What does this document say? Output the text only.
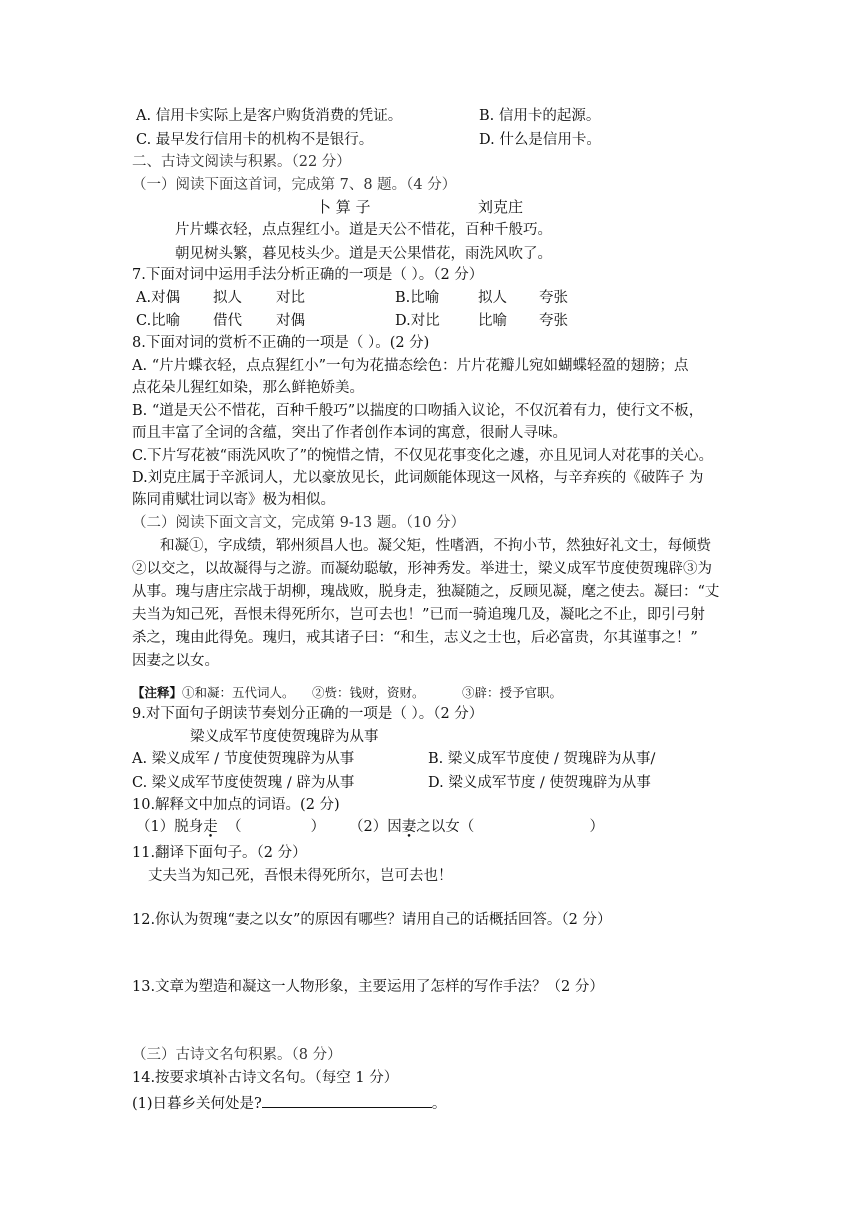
A. 信用卡实际上是客户购货消费的凭证。	B. 信用卡的起源。
C. 最早发行信用卡的机构不是银行。	D. 什么是信用卡。
二、古诗文阅读与积累。（22 分）
（一）阅读下面这首词，完成第 7、8 题。（4 分）
卜 算 子	刘克庄
片片蝶衣轻，点点猩红小。道是天公不惜花，百种千般巧。
朝见树头繁，暮见枝头少。道是天公果惜花，雨洗风吹了。
7.下面对词中运用手法分析正确的一项是（ ）。（2 分）
A.对偶 拟人 对比	B.比喻	拟人 夸张
C.比喻 借代 对偶	D.对比	比喻 夸张
8.下面对词的赏析不正确的一项是（ ）。(2 分)
A. “片片蝶衣轻，点点猩红小”一句为花描态绘色：片片花瓣儿宛如蝴蝶轻盈的翅膀；点
点花朵儿猩红如染，那么鲜艳娇美。
B. “道是天公不惜花，百种千般巧”以揣度的口吻插入议论，不仅沉着有力，使行文不板，
而且丰富了全词的含蕴，突出了作者创作本词的寓意，很耐人寻味。
C.下片写花被“雨洗风吹了”的惋惜之情，不仅见花事变化之遽，亦且见词人对花事的关心。
D.刘克庄属于辛派词人，尤以豪放见长，此词颇能体现这一风格，与辛弃疾的《破阵子 为
陈同甫赋壮词以寄》极为相似。
（二）阅读下面文言文，完成第 9-13 题。（10 分）
和凝①，字成绩，郓州须昌人也。凝父矩，性嗜酒，不拘小节，然独好礼文士，每倾赀
②以交之，以故凝得与之游。而凝幼聪敏，形神秀发。举进士，梁义成军节度使贺瑰辟③为
从事。瑰与唐庄宗战于胡柳，瑰战败，脱身走，独凝随之，反顾见凝，麾之使去。凝曰：“丈
夫当为知己死，吾恨未得死所尔，岂可去也！”已而一骑追瑰几及，凝叱之不止，即引弓射
杀之，瑰由此得免。瑰归，戒其诸子曰：“和生，志义之士也，后必富贵，尔其谨事之！”
因妻之以女。
【注释】①和凝：五代词人。 ②赀：钱财，资财。	③辟：授予官职。
9.对下面句子朗读节奏划分正确的一项是（ ）。（2 分）
梁义成军节度使贺瑰辟为从事
A. 梁义成军 ∕ 节度使贺瑰辟为从事	B. 梁义成军节度使 ∕ 贺瑰辟为从事∕
C. 梁义成军节度使贺瑰 ∕ 辟为从事	D. 梁义成军节度 ∕ 使贺瑰辟为从事
10.解释文中加点的词语。(2 分)
（1）脱身走  （               ） （2）因妻之以女（                         ）
11.翻译下面句子。（2 分）
丈夫当为知己死，吾恨未得死所尔，岂可去也！
12.你认为贺瑰“妻之以女”的原因有哪些？请用自己的话概括回答。（2 分）
13.文章为塑造和凝这一人物形象，主要运用了怎样的写作手法？（2 分）
（三）古诗文名句积累。（8 分）
14.按要求填补古诗文名句。（每空 1 分）
(1)日暮乡关何处是?	。
